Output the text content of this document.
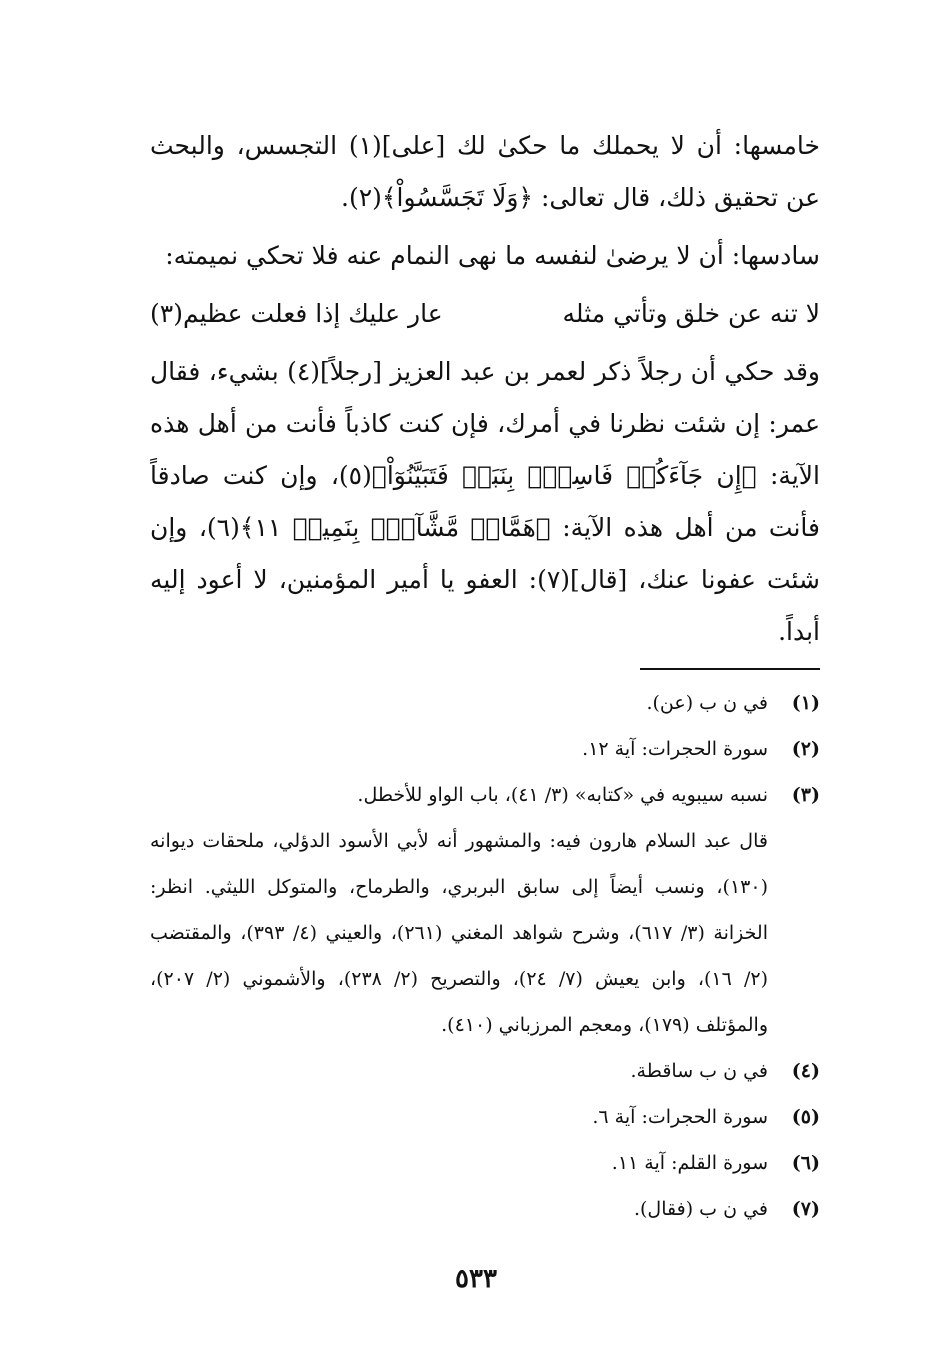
خامسها: أن لا يحملك ما حكىٰ لك [على](١) التجسس، والبحث عن تحقيق ذلك، قال تعالى: ﴿وَلَا تَجَسَّسُواْ﴾(٢).

سادسها: أن لا يرضىٰ لنفسه ما نهى النمام عنه فلا تحكي نميمته:

لا تنه عن خلق وتأتي مثله
عار عليك إذا فعلت عظيم(٣)

وقد حكي أن رجلاً ذكر لعمر بن عبد العزيز [رجلاً](٤) بشيء، فقال عمر: إن شئت نظرنا في أمرك، فإن كنت كاذباً فأنت من أهل هذه الآية: ﴿إِن جَآءَكُمۡ فَاسِقُۢ بِنَبَإٖ فَتَبَيَّنُوٓاْ﴾(٥)، وإن كنت صادقاً فأنت من أهل هذه الآية: ﴿هَمَّازٖ مَّشَّآءِۭ بِنَمِيمٖ ١١﴾(٦)، وإن شئت عفونا عنك، [قال](٧): العفو يا أمير المؤمنين، لا أعود إليه أبداً.

(١)
في ن ب (عن).
(٢)
سورة الحجرات: آية ١٢.
(٣)
نسبه سيبويه في «كتابه» (٣/ ٤١)، باب الواو للأخطل.
قال عبد السلام هارون فيه: والمشهور أنه لأبي الأسود الدؤلي، ملحقات ديوانه (١٣٠)، ونسب أيضاً إلى سابق البربري، والطرماح، والمتوكل الليثي. انظر: الخزانة (٣/ ٦١٧)، وشرح شواهد المغني (٢٦١)، والعيني (٤/ ٣٩٣)، والمقتضب (٢/ ١٦)، وابن يعيش (٧/ ٢٤)، والتصريح (٢/ ٢٣٨)، والأشموني (٢/ ٢٠٧)، والمؤتلف (١٧٩)، ومعجم المرزباني (٤١٠).
(٤)
في ن ب ساقطة.
(٥)
سورة الحجرات: آية ٦.
(٦)
سورة القلم: آية ١١.
(٧)
في ن ب (فقال).
٥٣٣
